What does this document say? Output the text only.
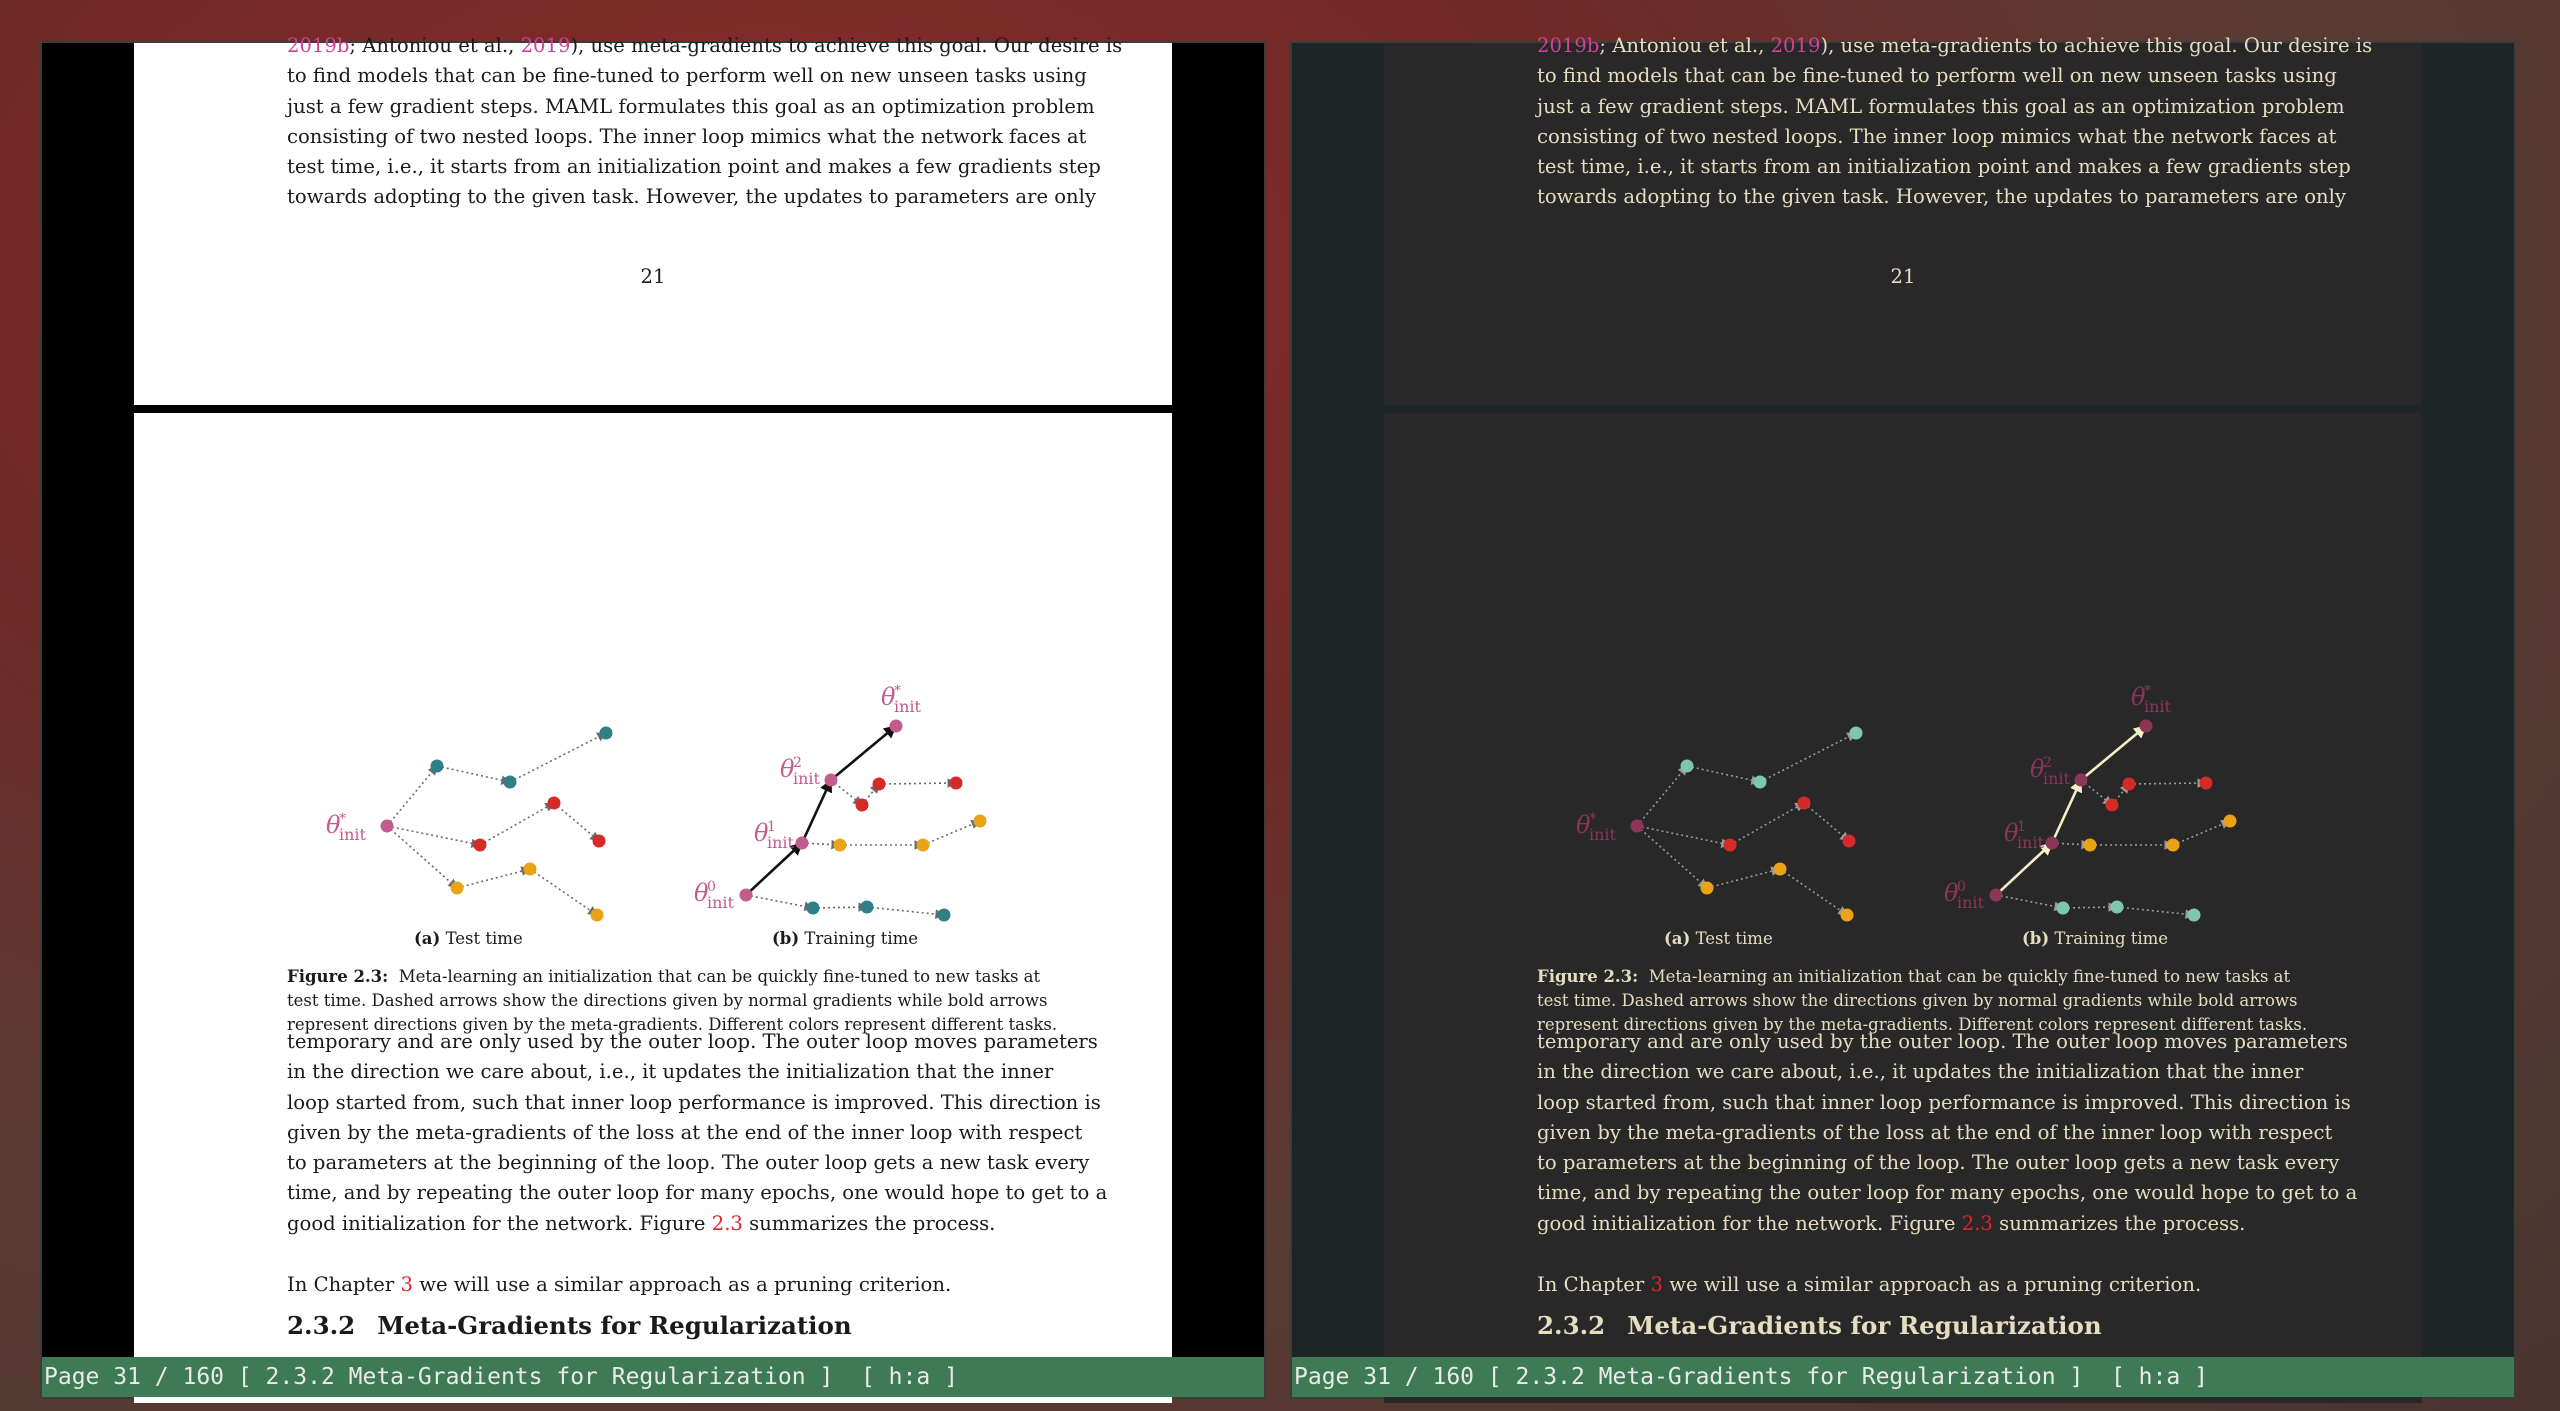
2019b; Antoniou et al., 2019), use meta-gradients to achieve this goal. Our desire is
to find models that can be fine-tuned to perform well on new unseen tasks using
just a few gradient steps. MAML formulates this goal as an optimization problem
consisting of two nested loops. The inner loop mimics what the network faces at
test time, i.e., it starts from an initialization point and makes a few gradients step
towards adopting to the given task. However, the updates to parameters are only
21
θ
*
init
θ
0
init
θ
1
init
θ
2
init
θ
*
init
(a) Test time	(b) Training time
Figure 2.3: Meta-learning an initialization that can be quickly fine-tuned to new tasks at
test time. Dashed arrows show the directions given by normal gradients while bold arrows
represent directions given by the meta-gradients. Different colors represent different tasks.
temporary and are only used by the outer loop. The outer loop moves parameters
in the direction we care about, i.e., it updates the initialization that the inner
loop started from, such that inner loop performance is improved. This direction is
given by the meta-gradients of the loss at the end of the inner loop with respect
to parameters at the beginning of the loop. The outer loop gets a new task every
time, and by repeating the outer loop for many epochs, one would hope to get to a
good initialization for the network. Figure 2.3 summarizes the process.
In Chapter 3 we will use a similar approach as a pruning criterion.
2.3.2 Meta-Gradients for Regularization
Page 31 / 160 [ 2.3.2 Meta-Gradients for Regularization ]  [ h:a ]
2019b; Antoniou et al., 2019), use meta-gradients to achieve this goal. Our desire is
to find models that can be fine-tuned to perform well on new unseen tasks using
just a few gradient steps. MAML formulates this goal as an optimization problem
consisting of two nested loops. The inner loop mimics what the network faces at
test time, i.e., it starts from an initialization point and makes a few gradients step
towards adopting to the given task. However, the updates to parameters are only
21
θ
*
init
θ
0
init
θ
1
init
θ
2
init
θ
*
init
(a) Test time	(b) Training time
Figure 2.3: Meta-learning an initialization that can be quickly fine-tuned to new tasks at
test time. Dashed arrows show the directions given by normal gradients while bold arrows
represent directions given by the meta-gradients. Different colors represent different tasks.
temporary and are only used by the outer loop. The outer loop moves parameters
in the direction we care about, i.e., it updates the initialization that the inner
loop started from, such that inner loop performance is improved. This direction is
given by the meta-gradients of the loss at the end of the inner loop with respect
to parameters at the beginning of the loop. The outer loop gets a new task every
time, and by repeating the outer loop for many epochs, one would hope to get to a
good initialization for the network. Figure 2.3 summarizes the process.
In Chapter 3 we will use a similar approach as a pruning criterion.
2.3.2 Meta-Gradients for Regularization
Page 31 / 160 [ 2.3.2 Meta-Gradients for Regularization ]  [ h:a ]
